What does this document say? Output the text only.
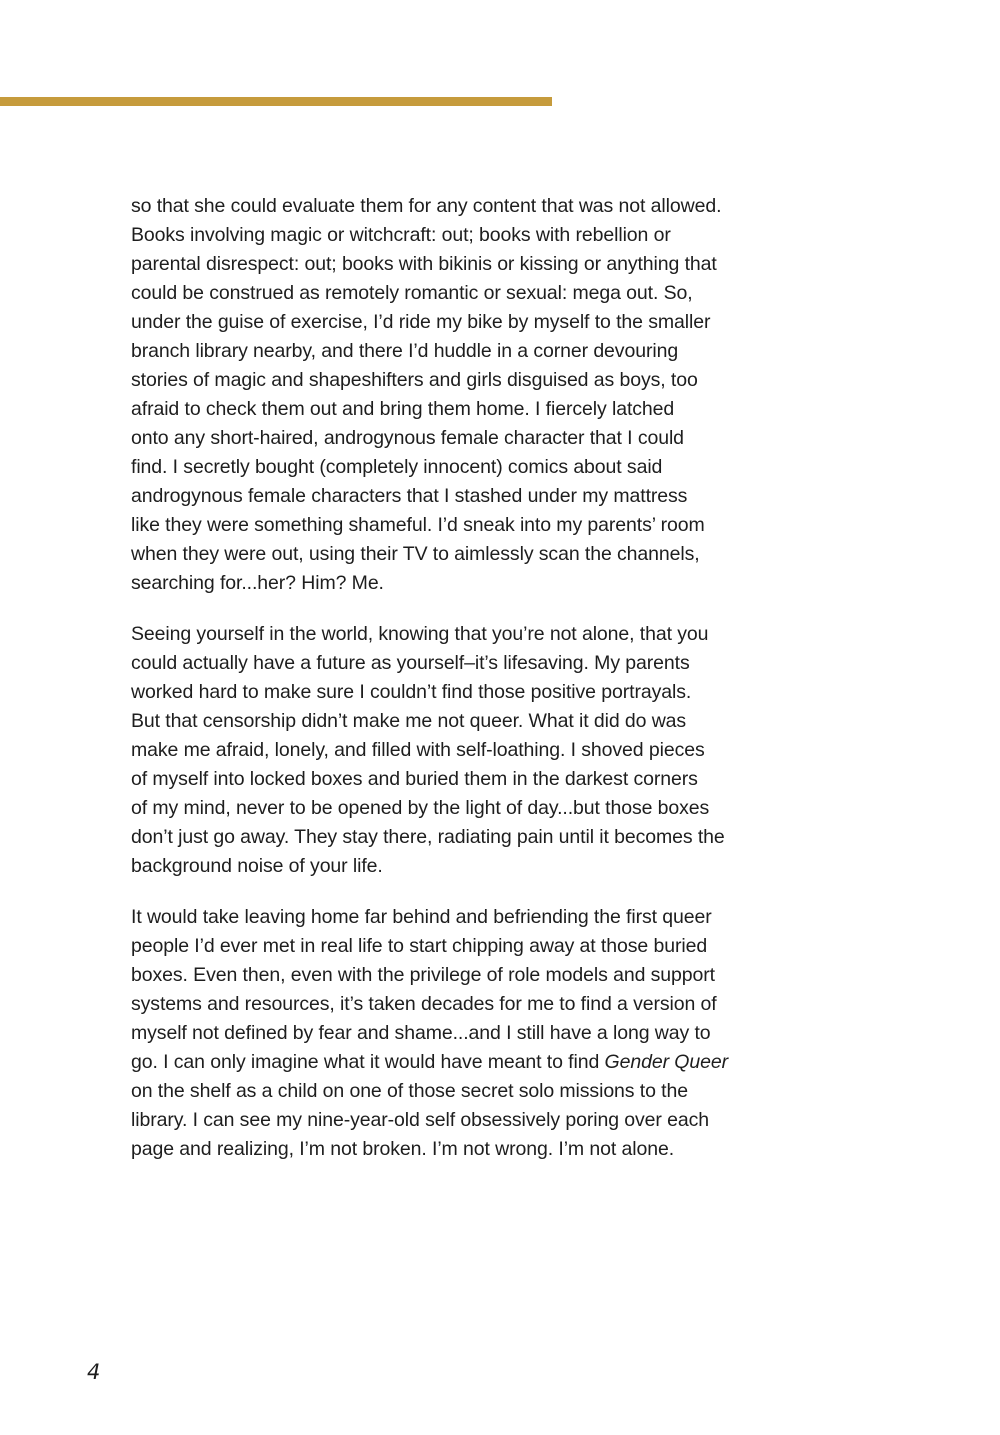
so that she could evaluate them for any content that was not allowed.
Books involving magic or witchcraft: out; books with rebellion or
parental disrespect: out; books with bikinis or kissing or anything that
could be construed as remotely romantic or sexual: mega out. So,
under the guise of exercise, I’d ride my bike by myself to the smaller
branch library nearby, and there I’d huddle in a corner devouring
stories of magic and shapeshifters and girls disguised as boys, too
afraid to check them out and bring them home. I fiercely latched
onto any short-haired, androgynous female character that I could
find. I secretly bought (completely innocent) comics about said
androgynous female characters that I stashed under my mattress
like they were something shameful. I’d sneak into my parents’ room
when they were out, using their TV to aimlessly scan the channels,
searching for...her? Him? Me.

Seeing yourself in the world, knowing that you’re not alone, that you
could actually have a future as yourself–it’s lifesaving. My parents
worked hard to make sure I couldn’t find those positive portrayals.
But that censorship didn’t make me not queer. What it did do was
make me afraid, lonely, and filled with self-loathing. I shoved pieces
of myself into locked boxes and buried them in the darkest corners
of my mind, never to be opened by the light of day...but those boxes
don’t just go away. They stay there, radiating pain until it becomes the
background noise of your life.

It would take leaving home far behind and befriending the first queer
people I’d ever met in real life to start chipping away at those buried
boxes. Even then, even with the privilege of role models and support
systems and resources, it’s taken decades for me to find a version of
myself not defined by fear and shame...and I still have a long way to
go. I can only imagine what it would have meant to find Gender Queer
on the shelf as a child on one of those secret solo missions to the
library. I can see my nine-year-old self obsessively poring over each
page and realizing, I’m not broken. I’m not wrong. I’m not alone.

4
